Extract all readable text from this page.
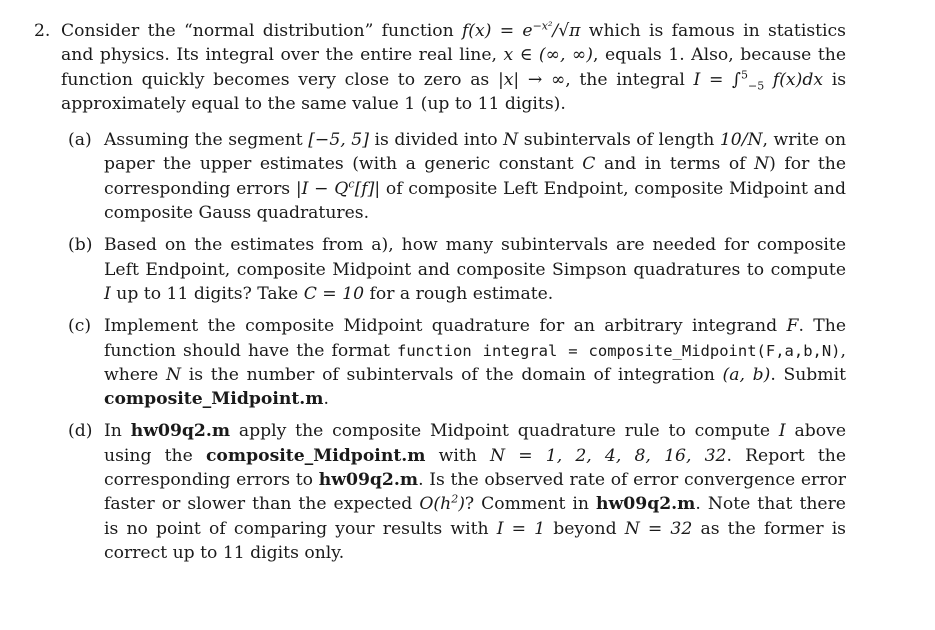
2. Consider the “normal distribution” function $f(x) = e^{-x^2}/√\pi$ which is famous in statistics and physics. Its integral over the entire real line, x ∈ (∞, ∞), equals 1. Also, because the function quickly becomes very close to zero as |x| → ∞, the integral I = ∫$^5_{-5}$ f(x)dx is approximately equal to the same value 1 (up to 11 digits).
(a) Assuming the segment [−5, 5] is divided into N subintervals of length 10/N, write on paper the upper estimates (with a generic constant C and in terms of N) for the corresponding errors $|I - Q^c[f]|$ of composite Left Endpoint, composite Midpoint and composite Gauss quadratures.
(b) Based on the estimates from a), how many subintervals are needed for composite Left Endpoint, composite Midpoint and composite Simpson quadratures to compute I up to 11 digits? Take C = 10 for a rough estimate.
(c) Implement the composite Midpoint quadrature for an arbitrary integrand F. The function should have the format function integral = composite_Midpoint(F,a,b,N), where N is the number of subintervals of the domain of integration (a, b). Submit composite_Midpoint.m.
(d) In hw09q2.m apply the composite Midpoint quadrature rule to compute I above using the composite_Midpoint.m with N = 1, 2, 4, 8, 16, 32. Report the corresponding errors to hw09q2.m. Is the observed rate of error convergence error faster or slower than the expected $O(h^2)$? Comment in hw09q2.m. Note that there is no point of comparing your results with I = 1 beyond N = 32 as the former is correct up to 11 digits only.
